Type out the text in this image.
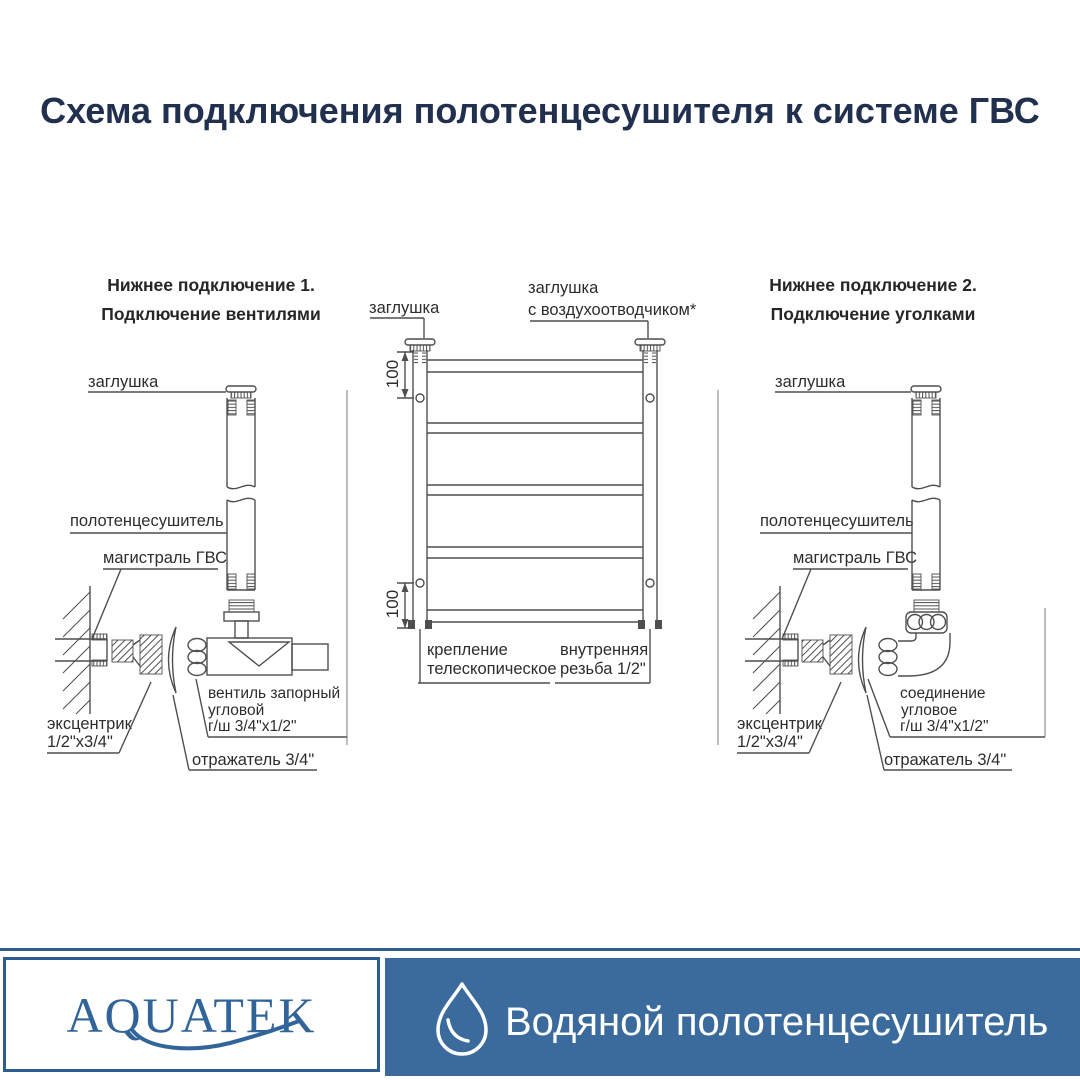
Схема подключения полотенцесушителя к системе ГВС
Нижнее подключение 1.
Подключение вентилями
Нижнее подключение 2.
Подключение уголками
заглушка
полотенцесушитель
магистраль ГВС
эксцентрик
1/2"х3/4"
вентиль запорный
угловой
г/ш 3/4"х1/2"
отражатель 3/4"
заглушка
заглушка
с воздухоотводчиком*
100
100
крепление
телескопическое
внутренняя
резьба 1/2"
заглушка
полотенцесушитель
магистраль ГВС
эксцентрик
1/2"х3/4"
соединение
угловое
г/ш 3/4"х1/2"
отражатель 3/4"
AQUATEK	Водяной полотенцесушитель
